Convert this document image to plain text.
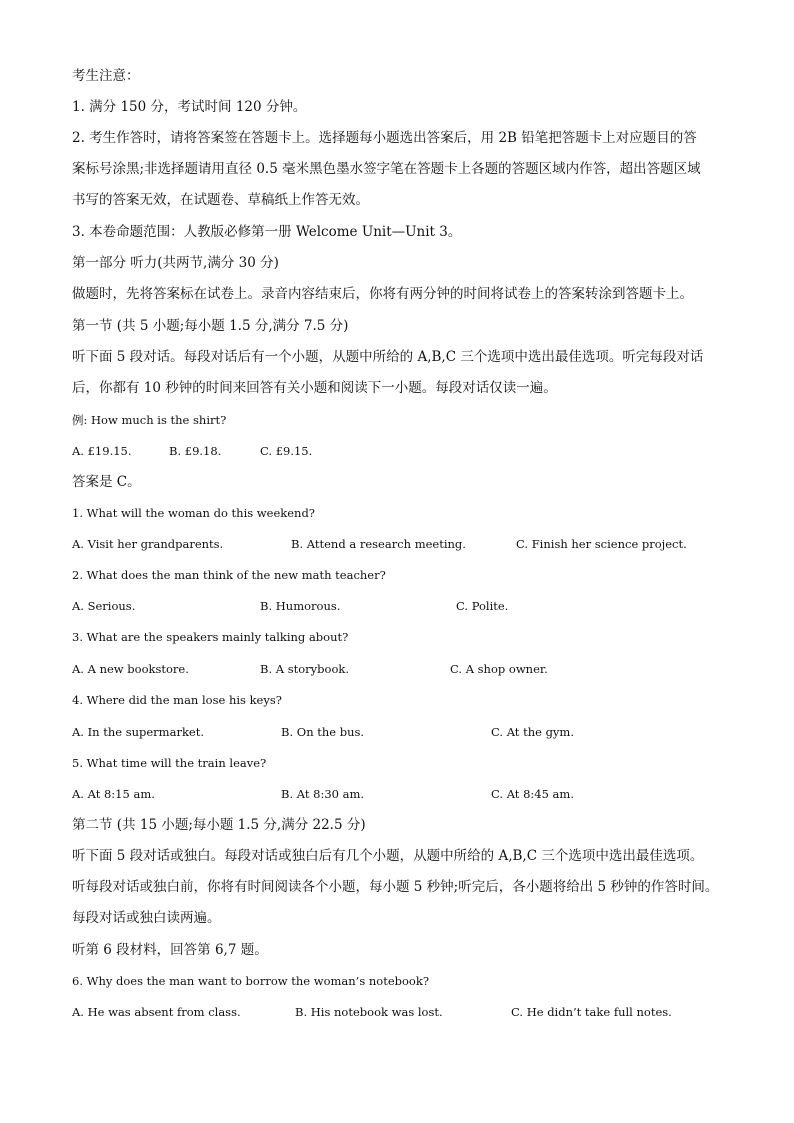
考生注意：
1. 满分 150 分，考试时间 120 分钟。
2. 考生作答时，请将答案签在答题卡上。选择题每小题选出答案后，用 2B 铅笔把答题卡上对应题目的答
案标号涂黑;非选择题请用直径 0.5 毫米黑色墨水签字笔在答题卡上各题的答题区域内作答，超出答题区域
书写的答案无效，在试题卷、草稿纸上作答无效。
3. 本卷命题范围：人教版必修第一册 Welcome Unit—Unit 3。
第一部分 听力(共两节,满分 30 分)
做题时，先将答案标在试卷上。录音内容结束后，你将有两分钟的时间将试卷上的答案转涂到答题卡上。
第一节 (共 5 小题;每小题 1.5 分,满分 7.5 分)
听下面 5 段对话。每段对话后有一个小题，从题中所给的 A,B,C 三个选项中选出最佳选项。听完每段对话
后，你都有 10 秒钟的时间来回答有关小题和阅读下一小题。每段对话仅读一遍。
例: How much is the shirt?
A. £19.15.	B. £9.18.	C. £9.15.
答案是 C。
1. What will the woman do this weekend?
A. Visit her grandparents.	B. Attend a research meeting.	C. Finish her science project.
2. What does the man think of the new math teacher?
A. Serious.	B. Humorous.	C. Polite.
3. What are the speakers mainly talking about?
A. A new bookstore.	B. A storybook.	C. A shop owner.
4. Where did the man lose his keys?
A. In the supermarket.	B. On the bus.	C. At the gym.
5. What time will the train leave?
A. At 8:15 am.	B. At 8:30 am.	C. At 8:45 am.
第二节 (共 15 小题;每小题 1.5 分,满分 22.5 分)
听下面 5 段对话或独白。每段对话或独白后有几个小题，从题中所给的 A,B,C 三个选项中选出最佳选项。
听每段对话或独白前，你将有时间阅读各个小题，每小题 5 秒钟;听完后，各小题将给出 5 秒钟的作答时间。
每段对话或独白读两遍。
听第 6 段材料，回答第 6,7 题。
6. Why does the man want to borrow the woman’s notebook?
A. He was absent from class.	B. His notebook was lost.	C. He didn’t take full notes.
